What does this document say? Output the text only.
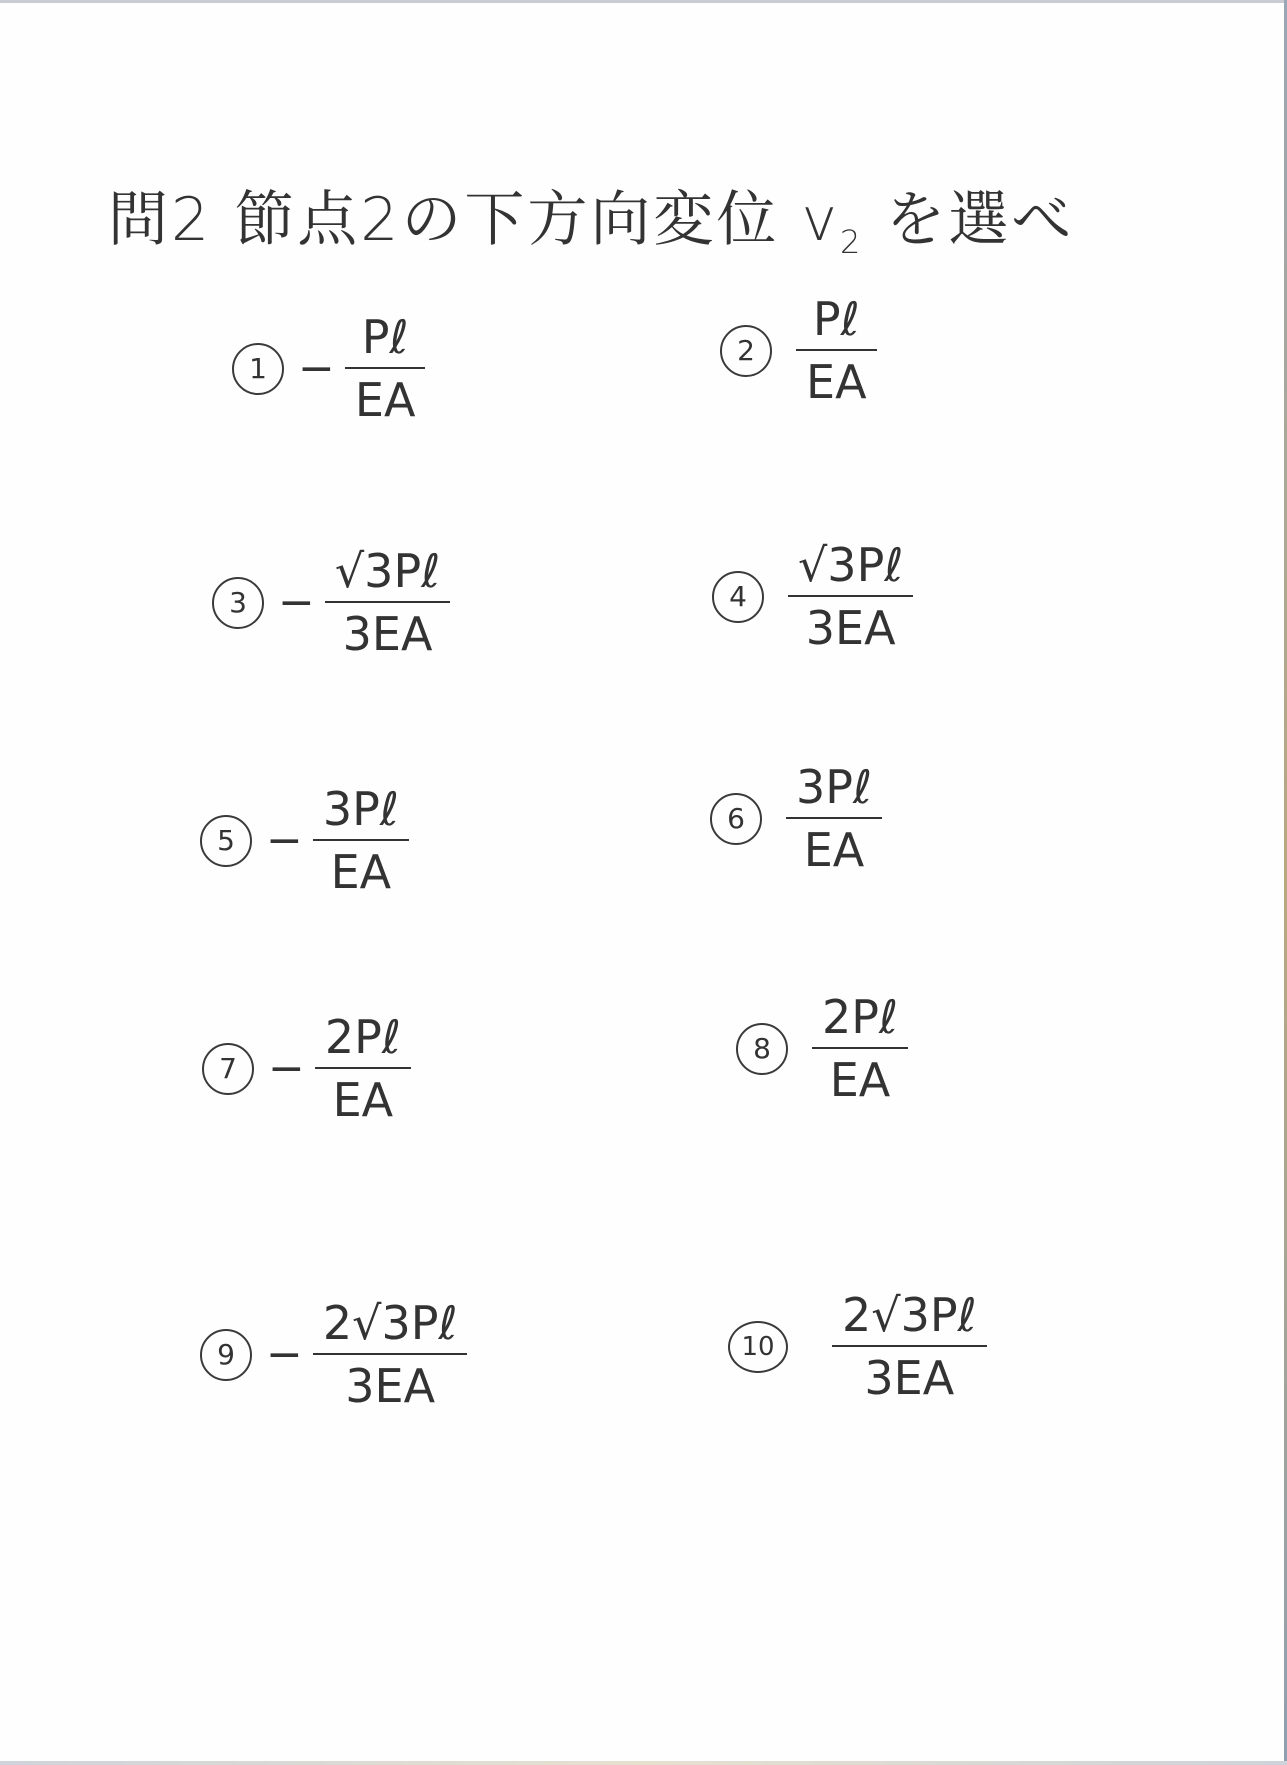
問2 節点2の下方向変位 $v_2$ を選べ
$1 - \frac{\text{Pℓ}}{EA}$	$2 \frac{\text{Pℓ}}{EA}$
$3 - \frac{\text{√3Pℓ}}{3EA}$	$4 \frac{\text{√3Pℓ}}{3EA}$
$5 - \frac{\text{3Pℓ}}{EA}$	$6 \frac{\text{3Pℓ}}{EA}$
$7 - \frac{\text{2Pℓ}}{EA}$	$8 \frac{\text{2Pℓ}}{EA}$
$9 - \frac{\text{2√3Pℓ}}{3EA}$	$10 \frac{\text{2√3Pℓ}}{3EA}$
